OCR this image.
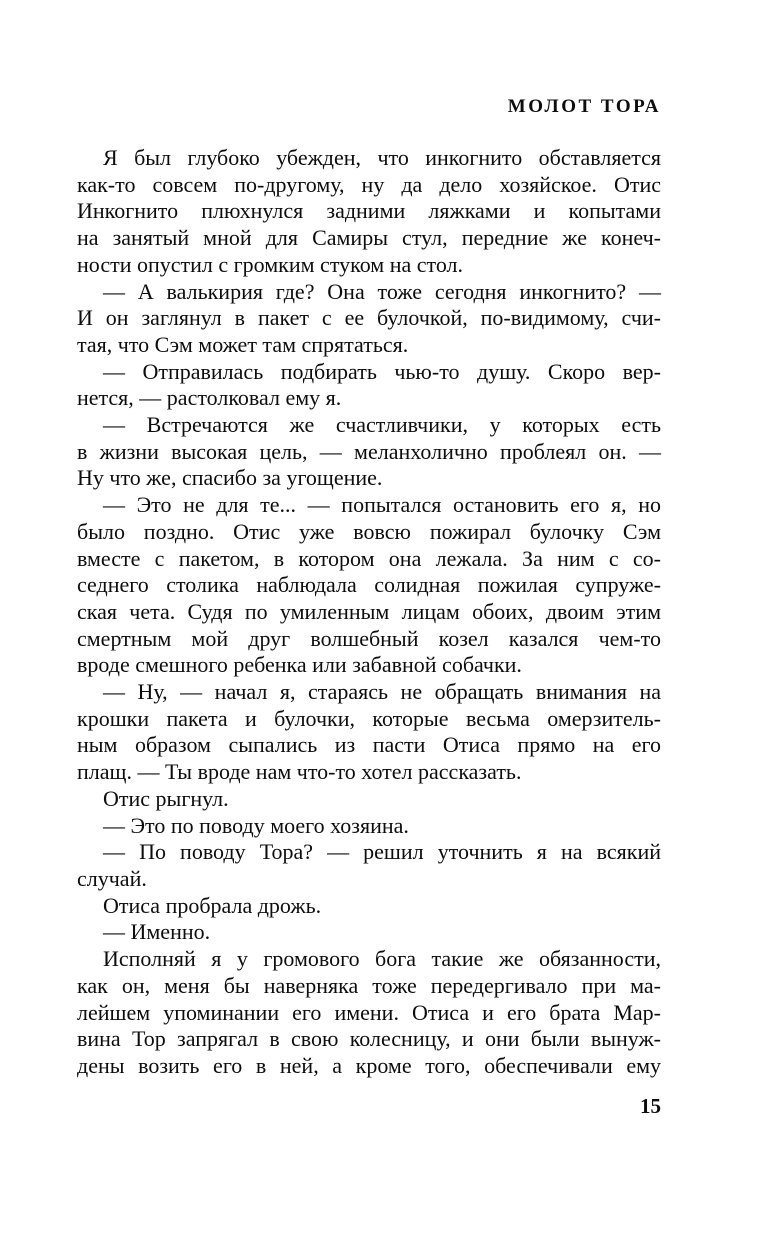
МОЛОТ ТОРА
Я был глубоко убежден, что инкогнито обставляется
как-то совсем по-другому, ну да дело хозяйское. Отис
Инкогнито плюхнулся задними ляжками и копытами
на занятый мной для Самиры стул, передние же конеч-
ности опустил с громким стуком на стол.
— А валькирия где? Она тоже сегодня инкогнито? —
И он заглянул в пакет с ее булочкой, по-видимому, счи-
тая, что Сэм может там спрятаться.
— Отправилась подбирать чью-то душу. Скоро вер-
нется, — растолковал ему я.
— Встречаются же счастливчики, у которых есть
в жизни высокая цель, — меланхолично проблеял он. —
Ну что же, спасибо за угощение.
— Это не для те... — попытался остановить его я, но
было поздно. Отис уже вовсю пожирал булочку Сэм
вместе с пакетом, в котором она лежала. За ним с со-
седнего столика наблюдала солидная пожилая супруже-
ская чета. Судя по умиленным лицам обоих, двоим этим
смертным мой друг волшебный козел казался чем-то
вроде смешного ребенка или забавной собачки.
— Ну, — начал я, стараясь не обращать внимания на
крошки пакета и булочки, которые весьма омерзитель-
ным образом сыпались из пасти Отиса прямо на его
плащ. — Ты вроде нам что-то хотел рассказать.
Отис рыгнул.
— Это по поводу моего хозяина.
— По поводу Тора? — решил уточнить я на всякий
случай.
Отиса пробрала дрожь.
— Именно.
Исполняй я у громового бога такие же обязанности,
как он, меня бы наверняка тоже передергивало при ма-
лейшем упоминании его имени. Отиса и его брата Мар-
вина Тор запрягал в свою колесницу, и они были вынуж-
дены возить его в ней, а кроме того, обеспечивали ему
15
